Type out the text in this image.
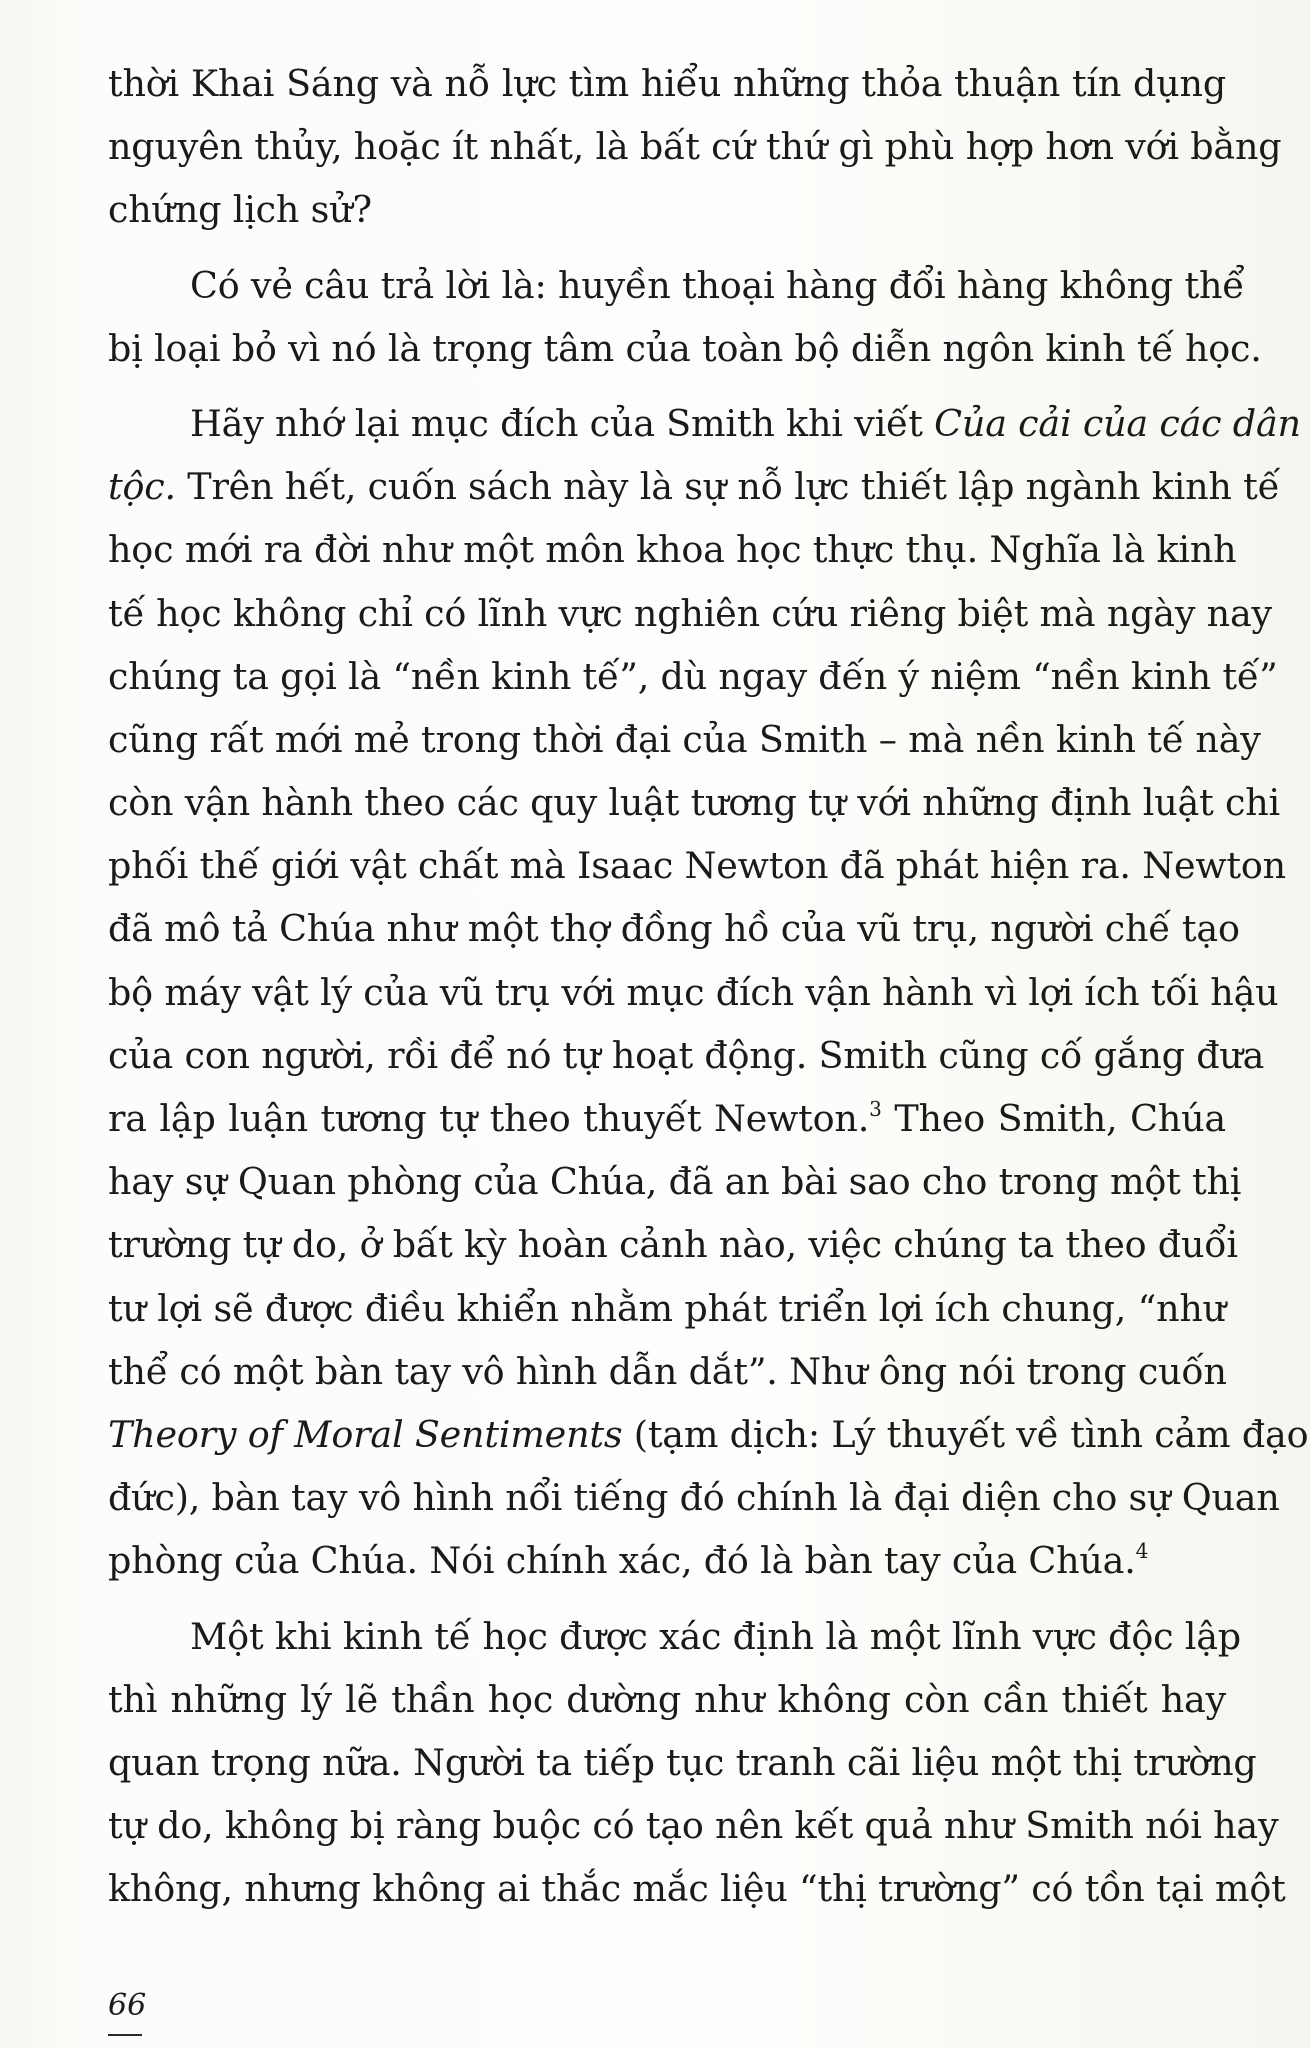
thời Khai Sáng và nỗ lực tìm hiểu những thỏa thuận tín dụng
nguyên thủy, hoặc ít nhất, là bất cứ thứ gì phù hợp hơn với bằng
chứng lịch sử?
Có vẻ câu trả lời là: huyền thoại hàng đổi hàng không thể
bị loại bỏ vì nó là trọng tâm của toàn bộ diễn ngôn kinh tế học.
Hãy nhớ lại mục đích của Smith khi viết Của cải của các dân
tộc. Trên hết, cuốn sách này là sự nỗ lực thiết lập ngành kinh tế
học mới ra đời như một môn khoa học thực thụ. Nghĩa là kinh
tế học không chỉ có lĩnh vực nghiên cứu riêng biệt mà ngày nay
chúng ta gọi là “nền kinh tế”, dù ngay đến ý niệm “nền kinh tế”
cũng rất mới mẻ trong thời đại của Smith – mà nền kinh tế này
còn vận hành theo các quy luật tương tự với những định luật chi
phối thế giới vật chất mà Isaac Newton đã phát hiện ra. Newton
đã mô tả Chúa như một thợ đồng hồ của vũ trụ, người chế tạo
bộ máy vật lý của vũ trụ với mục đích vận hành vì lợi ích tối hậu
của con người, rồi để nó tự hoạt động. Smith cũng cố gắng đưa
ra lập luận tương tự theo thuyết Newton.$^3$ Theo Smith, Chúa
hay sự Quan phòng của Chúa, đã an bài sao cho trong một thị
trường tự do, ở bất kỳ hoàn cảnh nào, việc chúng ta theo đuổi
tư lợi sẽ được điều khiển nhằm phát triển lợi ích chung, “như
thể có một bàn tay vô hình dẫn dắt”. Như ông nói trong cuốn
Theory of Moral Sentiments (tạm dịch: Lý thuyết về tình cảm đạo
đức), bàn tay vô hình nổi tiếng đó chính là đại diện cho sự Quan
phòng của Chúa. Nói chính xác, đó là bàn tay của Chúa.$^4$
Một khi kinh tế học được xác định là một lĩnh vực độc lập
thì những lý lẽ thần học dường như không còn cần thiết hay
quan trọng nữa. Người ta tiếp tục tranh cãi liệu một thị trường
tự do, không bị ràng buộc có tạo nên kết quả như Smith nói hay
không, nhưng không ai thắc mắc liệu “thị trường” có tồn tại một
66
